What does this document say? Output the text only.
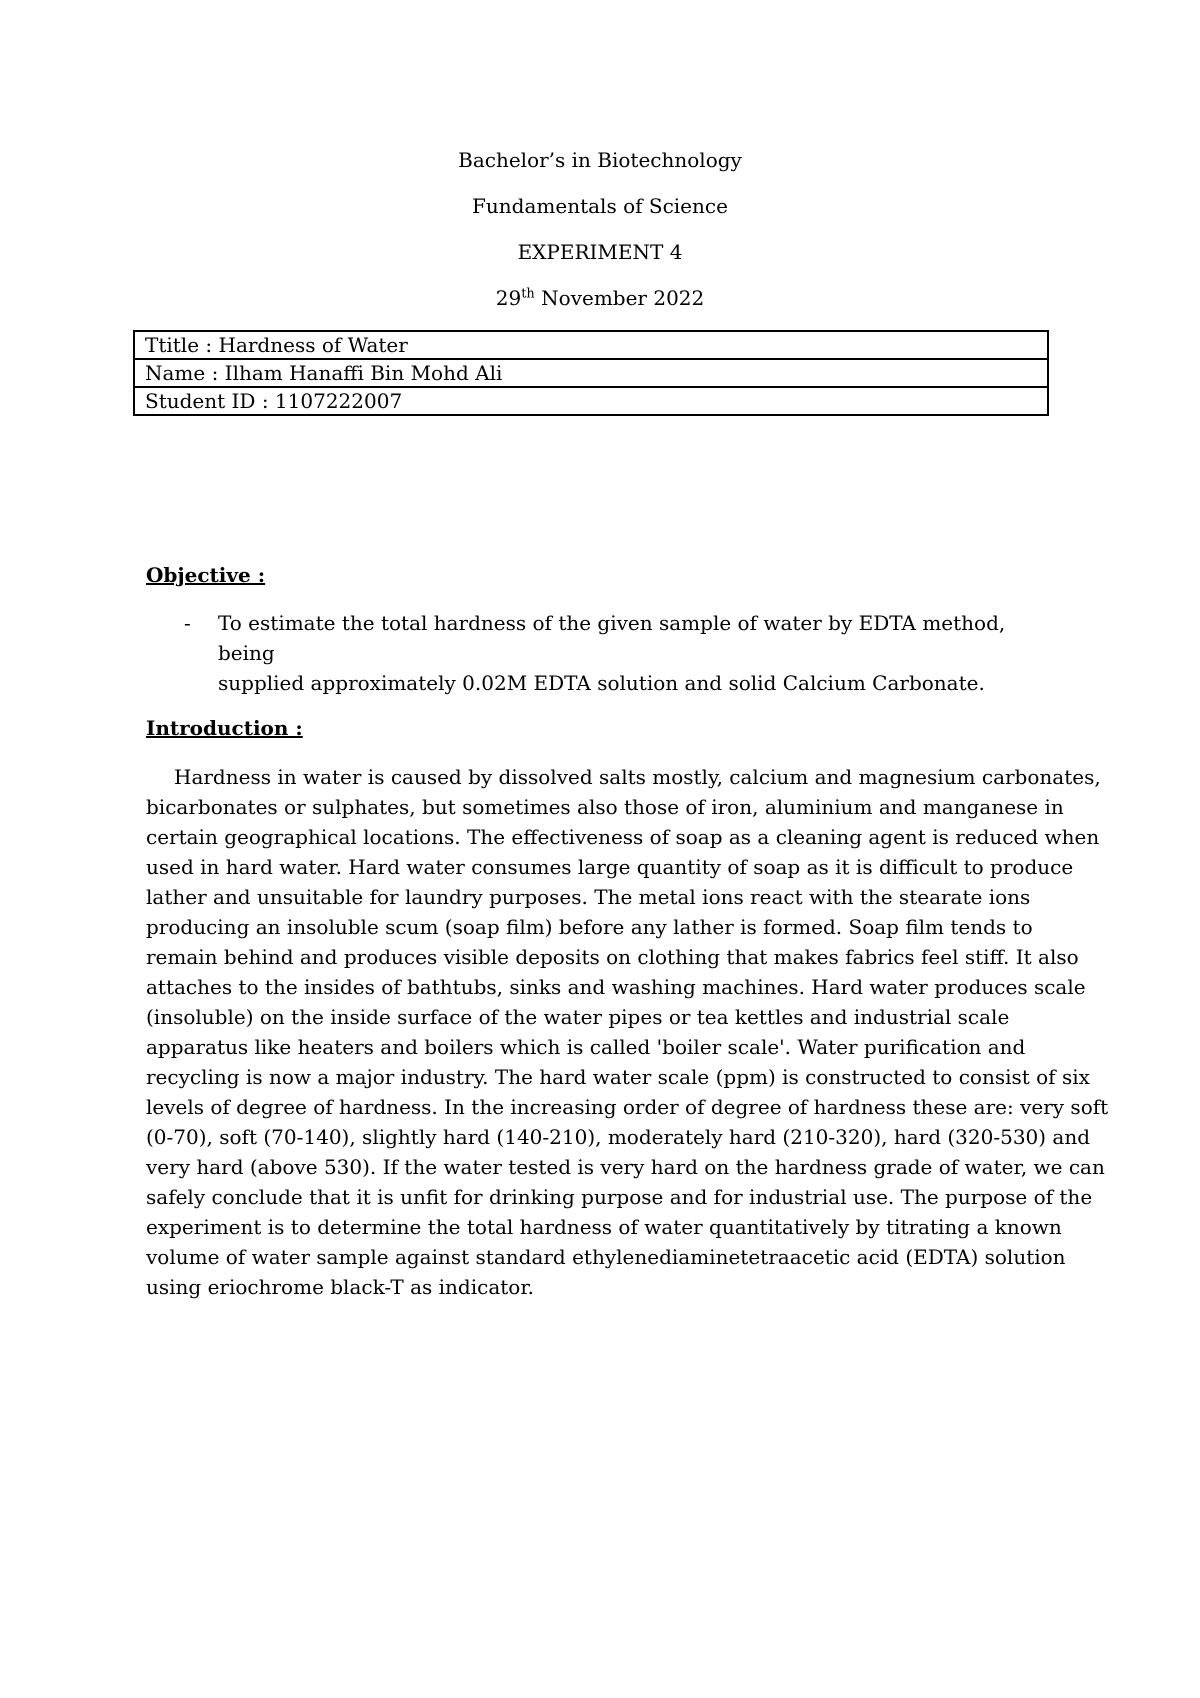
Bachelor’s in Biotechnology
Fundamentals of Science
EXPERIMENT 4
29th November 2022
Ttitle : Hardness of Water
Name : Ilham Hanaffi Bin Mohd Ali
Student ID : 1107222007
Objective :
- To estimate the total hardness of the given sample of water by EDTA method, being
supplied approximately 0.02M EDTA solution and solid Calcium Carbonate.
Introduction :
Hardness in water is caused by dissolved salts mostly, calcium and magnesium carbonates,
bicarbonates or sulphates, but sometimes also those of iron, aluminium and manganese in
certain geographical locations. The effectiveness of soap as a cleaning agent is reduced when
used in hard water. Hard water consumes large quantity of soap as it is difficult to produce
lather and unsuitable for laundry purposes. The metal ions react with the stearate ions
producing an insoluble scum (soap film) before any lather is formed. Soap film tends to
remain behind and produces visible deposits on clothing that makes fabrics feel stiff. It also
attaches to the insides of bathtubs, sinks and washing machines. Hard water produces scale
(insoluble) on the inside surface of the water pipes or tea kettles and industrial scale
apparatus like heaters and boilers which is called 'boiler scale'. Water purification and
recycling is now a major industry. The hard water scale (ppm) is constructed to consist of six
levels of degree of hardness. In the increasing order of degree of hardness these are: very soft
(0-70), soft (70-140), slightly hard (140-210), moderately hard (210-320), hard (320-530) and
very hard (above 530). If the water tested is very hard on the hardness grade of water, we can
safely conclude that it is unfit for drinking purpose and for industrial use. The purpose of the
experiment is to determine the total hardness of water quantitatively by titrating a known
volume of water sample against standard ethylenediaminetetraacetic acid (EDTA) solution
using eriochrome black-T as indicator.
